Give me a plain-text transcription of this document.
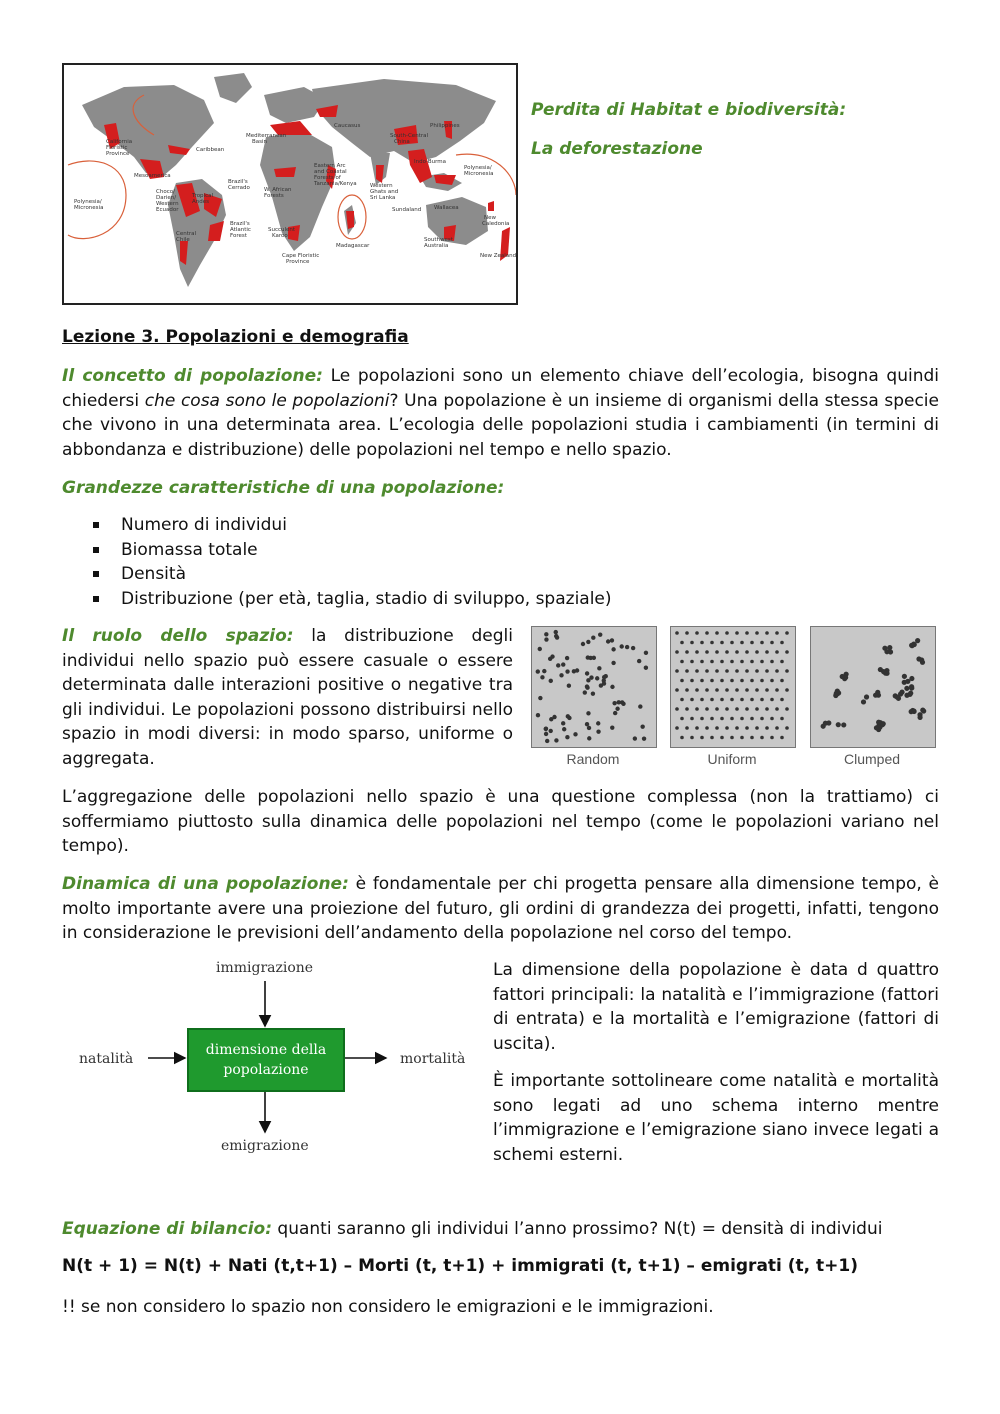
California
Floristic
Province
Caribbean
Mesoamerica
Choco/
Darien/
Western
Ecuador
Polynesia/
Micronesia
Central
Chile
Tropical
Andes
Brazil's
Cerrado
Brazil's
Atlantic
Forest
Mediterranean
Basin
W. African
Forests
Succulent
Karoo
Cape Floristic
Province
Madagascar
Caucasus
Eastern Arc
and Coastal
Forests of
Tanzania/Kenya Western
Ghats and
Sri Lanka
South-Central
China
Indo-Burma
Philippines
Sundaland Wallacea
Southwest
Australia
New
Caledonia
New Zealand
Polynesia/
Micronesia
Perdita di Habitat e biodiversità:
La deforestazione
Lezione 3. Popolazioni e demografia

Il concetto di popolazione: Le popolazioni sono un elemento chiave dell’ecologia, bisogna quindi chiedersi che cosa sono le popolazioni? Una popolazione è un insieme di organismi della stessa specie che vivono in una determinata area. L’ecologia delle popolazioni studia i cambiamenti (in termini di abbondanza e distribuzione) delle popolazioni nel tempo e nello spazio.

Grandezze caratteristiche di una popolazione:
Numero di individui
Biomassa totale
Densità
Distribuzione (per età, taglia, stadio di sviluppo, spaziale)

Il ruolo dello spazio: la distribuzione degli individui nello spazio può essere casuale o essere determinata dalle interazioni positive o negative tra gli individui. Le popolazioni possono distribuirsi nello spazio in modi diversi: in modo sparso, uniforme o aggregata.	Random	Uniform	Clumped

L’aggregazione delle popolazioni nello spazio è una questione complessa (non la trattiamo) ci soffermiamo piuttosto sulla dinamica delle popolazioni nel tempo (come le popolazioni variano nel tempo).

Dinamica di una popolazione: è fondamentale per chi progetta pensare alla dimensione tempo, è molto importante avere una proiezione del futuro, gli ordini di grandezza dei progetti, infatti, tengono in considerazione le previsioni dell’andamento della popolazione nel corso del tempo.

immigrazione
natalità	mortalità
emigrazione
dimensione della
popolazione

La dimensione della popolazione è data d quattro fattori principali: la natalità e l’immigrazione (fattori di entrata) e la mortalità e l’emigrazione (fattori di uscita).

È importante sottolineare come natalità e mortalità sono legati ad uno schema interno mentre l’immigrazione e l’emigrazione siano invece legati a schemi esterni.

Equazione di bilancio: quanti saranno gli individui l’anno prossimo? N(t) = densità di individui

N(t + 1) = N(t) + Nati (t,t+1) – Morti (t, t+1) + immigrati (t, t+1) – emigrati (t, t+1)

!! se non considero lo spazio non considero le emigrazioni e le immigrazioni.
